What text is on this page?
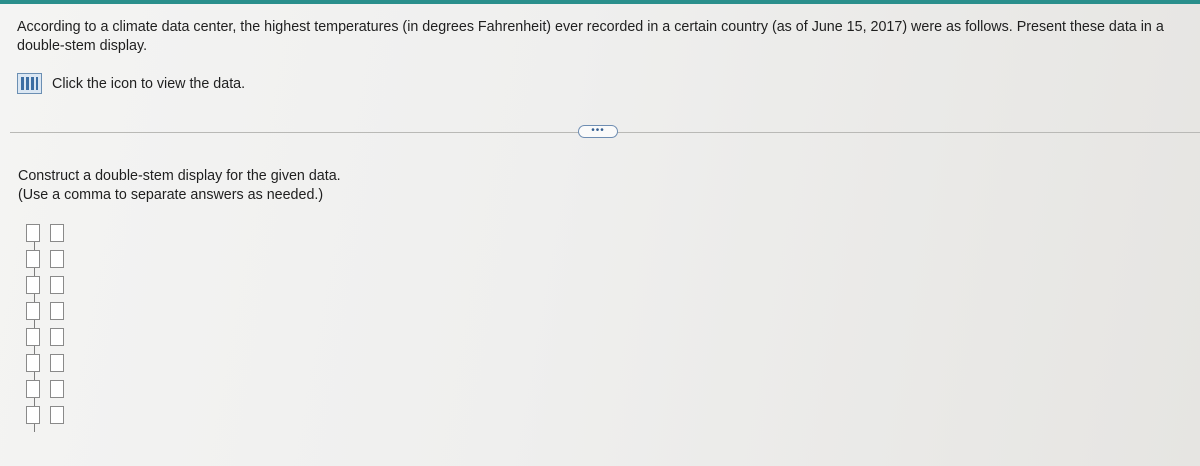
According to a climate data center, the highest temperatures (in degrees Fahrenheit) ever recorded in a certain country (as of June 15, 2017) were as follows. Present these data in a double-stem display.
Click the icon to view the data.
•••
Construct a double-stem display for the given data.
(Use a comma to separate answers as needed.)
